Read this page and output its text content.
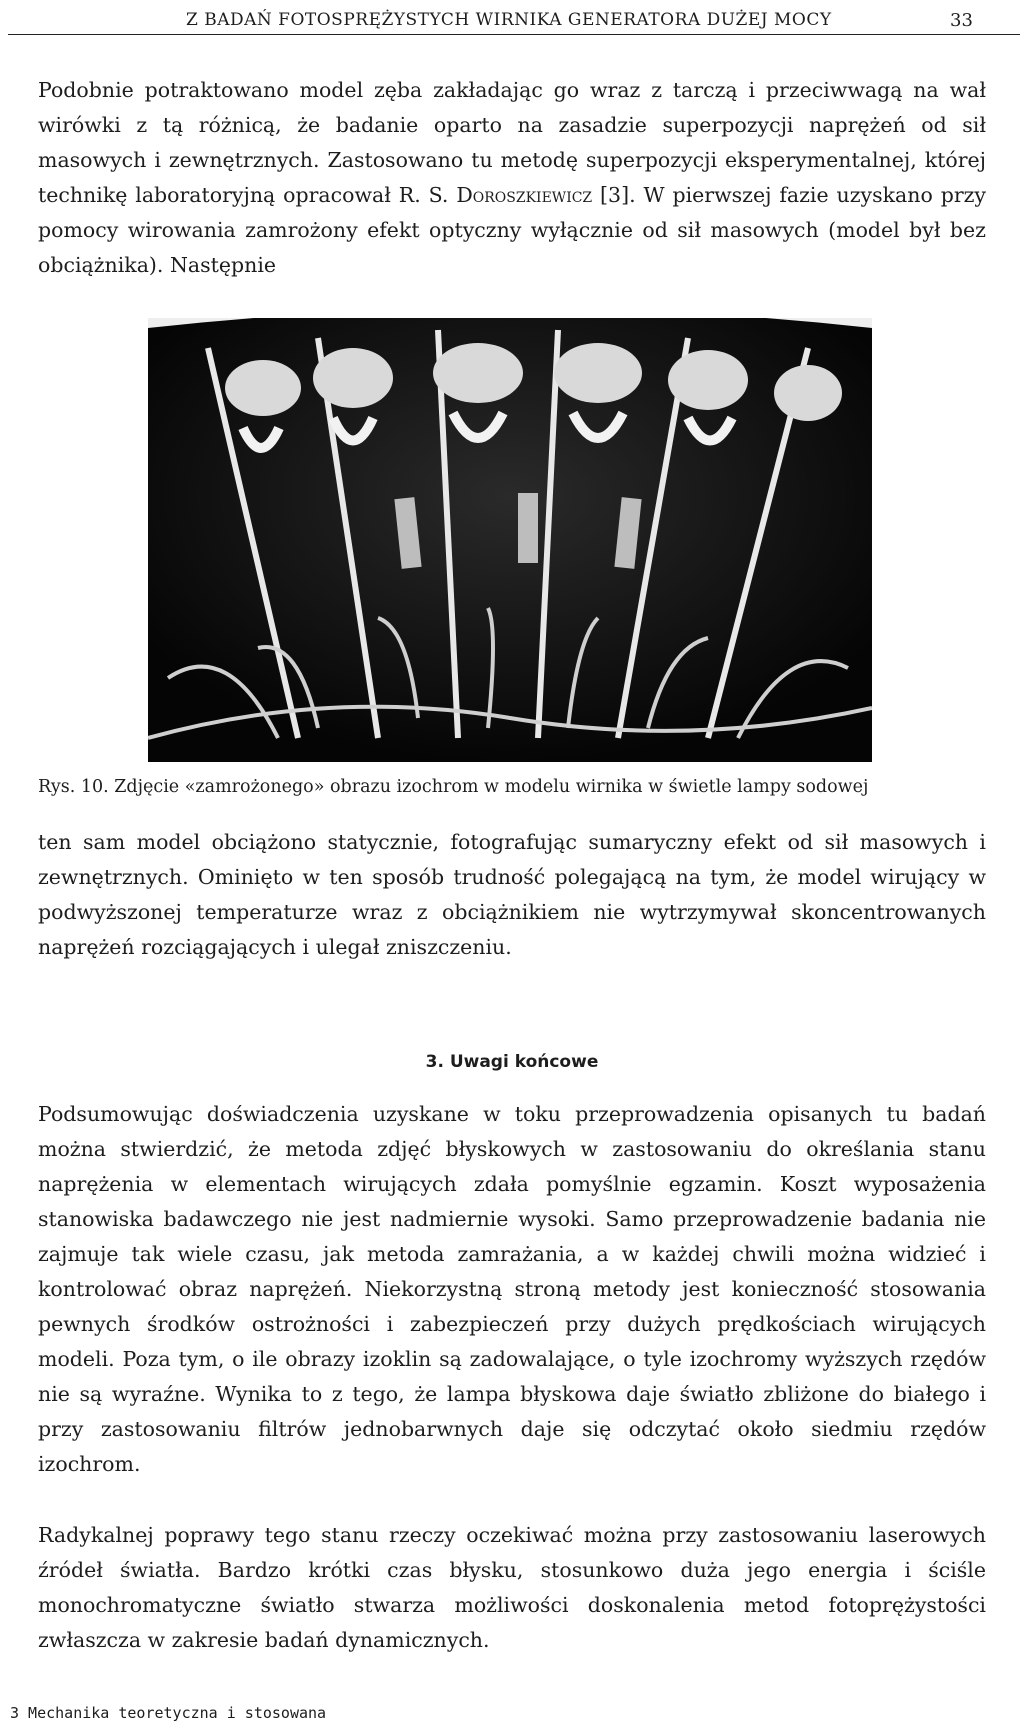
Z BADAŃ FOTOSPRĘŻYSTYCH WIRNIKA GENERATORA DUŻEJ MOCY	33

Podobnie potraktowano model zęba zakładając go wraz z tarczą i przeciwwagą na wał wirówki z tą różnicą, że badanie oparto na zasadzie superpozycji naprężeń od sił masowych i zewnętrznych. Zastosowano tu metodę superpozycji eksperymentalnej, której technikę laboratoryjną opracował R. S. Doroszkiewicz [3]. W pierwszej fazie uzyskano przy pomocy wirowania zamrożony efekt optyczny wyłącznie od sił masowych (model był bez obciążnika). Następnie

Rys. 10. Zdjęcie «zamrożonego» obrazu izochrom w modelu wirnika w świetle lampy sodowej

ten sam model obciążono statycznie, fotografując sumaryczny efekt od sił masowych i zewnętrznych. Ominięto w ten sposób trudność polegającą na tym, że model wirujący w podwyższonej temperaturze wraz z obciążnikiem nie wytrzymywał skoncentrowanych naprężeń rozciągających i ulegał zniszczeniu.

3. Uwagi końcowe

Podsumowując doświadczenia uzyskane w toku przeprowadzenia opisanych tu badań można stwierdzić, że metoda zdjęć błyskowych w zastosowaniu do określania stanu naprężenia w elementach wirujących zdała pomyślnie egzamin. Koszt wyposażenia stanowiska badawczego nie jest nadmiernie wysoki. Samo przeprowadzenie badania nie zajmuje tak wiele czasu, jak metoda zamrażania, a w każdej chwili można widzieć i kontrolować obraz naprężeń. Niekorzystną stroną metody jest konieczność stosowania pewnych środków ostrożności i zabezpieczeń przy dużych prędkościach wirujących modeli. Poza tym, o ile obrazy izoklin są zadowalające, o tyle izochromy wyższych rzędów nie są wyraźne. Wynika to z tego, że lampa błyskowa daje światło zbliżone do białego i przy zastosowaniu filtrów jednobarwnych daje się odczytać około siedmiu rzędów izochrom.

Radykalnej poprawy tego stanu rzeczy oczekiwać można przy zastosowaniu laserowych źródeł światła. Bardzo krótki czas błysku, stosunkowo duża jego energia i ściśle monochromatyczne światło stwarza możliwości doskonalenia metod fotoprężystości zwłaszcza w zakresie badań dynamicznych.

3 Mechanika teoretyczna i stosowana
